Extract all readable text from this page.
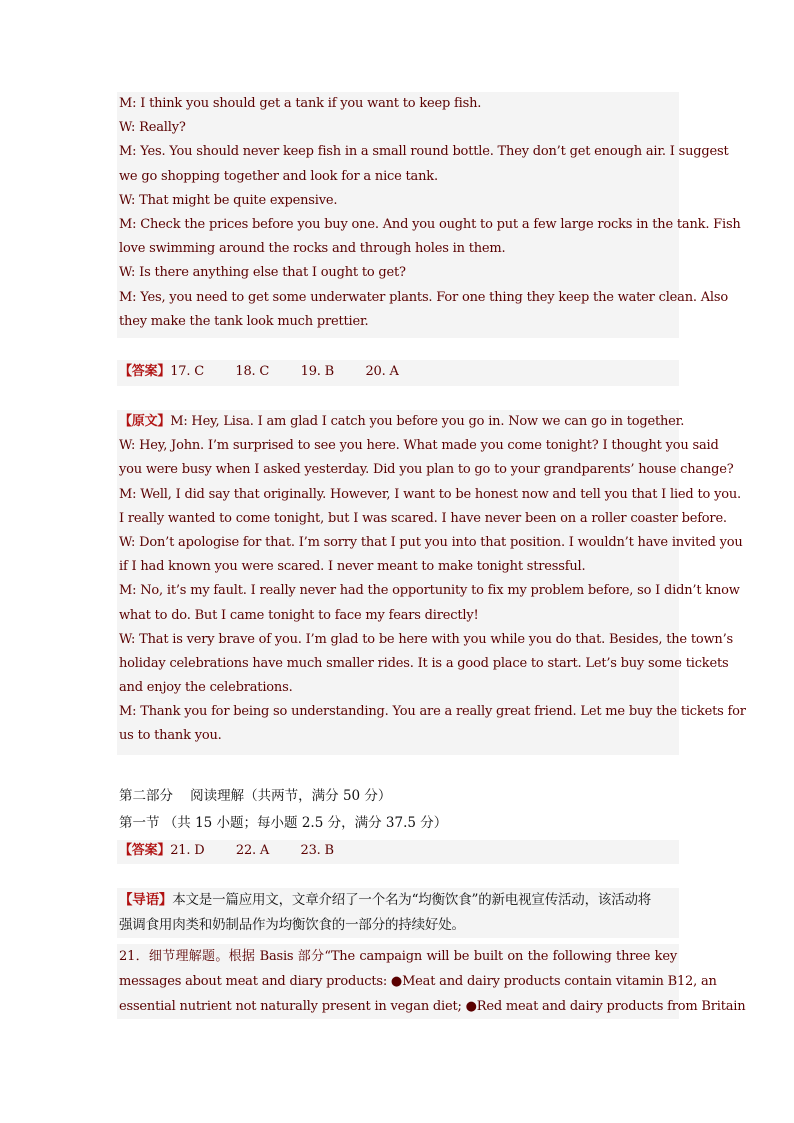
M: I think you should get a tank if you want to keep fish.
W: Really?
M: Yes. You should never keep fish in a small round bottle. They don’t get enough air. I suggest
we go shopping together and look for a nice tank.
W: That might be quite expensive.
M: Check the prices before you buy one. And you ought to put a few large rocks in the tank. Fish
love swimming around the rocks and through holes in them.
W: Is there anything else that I ought to get?
M: Yes, you need to get some underwater plants. For one thing they keep the water clean. Also
they make the tank look much prettier.
【答案】17. C        18. C        19. B        20. A
【原文】M: Hey, Lisa. I am glad I catch you before you go in. Now we can go in together.
W: Hey, John. I’m surprised to see you here. What made you come tonight? I thought you said
you were busy when I asked yesterday. Did you plan to go to your grandparents’ house change?
M: Well, I did say that originally. However, I want to be honest now and tell you that I lied to you.
I really wanted to come tonight, but I was scared. I have never been on a roller coaster before.
W: Don’t apologise for that. I’m sorry that I put you into that position. I wouldn’t have invited you
if I had known you were scared. I never meant to make tonight stressful.
M: No, it’s my fault. I really never had the opportunity to fix my problem before, so I didn’t know
what to do. But I came tonight to face my fears directly!
W: That is very brave of you. I’m glad to be here with you while you do that. Besides, the town’s
holiday celebrations have much smaller rides. It is a good place to start. Let’s buy some tickets
and enjoy the celebrations.
M: Thank you for being so understanding. You are a really great friend. Let me buy the tickets for
us to thank you.
第二部分    阅读理解（共两节，满分 50 分）
第一节 （共 15 小题；每小题 2.5 分，满分 37.5 分）
【答案】21. D        22. A        23. B
【导语】本文是一篇应用文，文章介绍了一个名为“均衡饮食”的新电视宣传活动，该活动将
强调食用肉类和奶制品作为均衡饮食的一部分的持续好处。
21．细节理解题。根据 Basis 部分“The campaign will be built on the following three key
messages about meat and diary products: ●Meat and dairy products contain vitamin B12, an
essential nutrient not naturally present in vegan diet; ●Red meat and dairy products from Britain
